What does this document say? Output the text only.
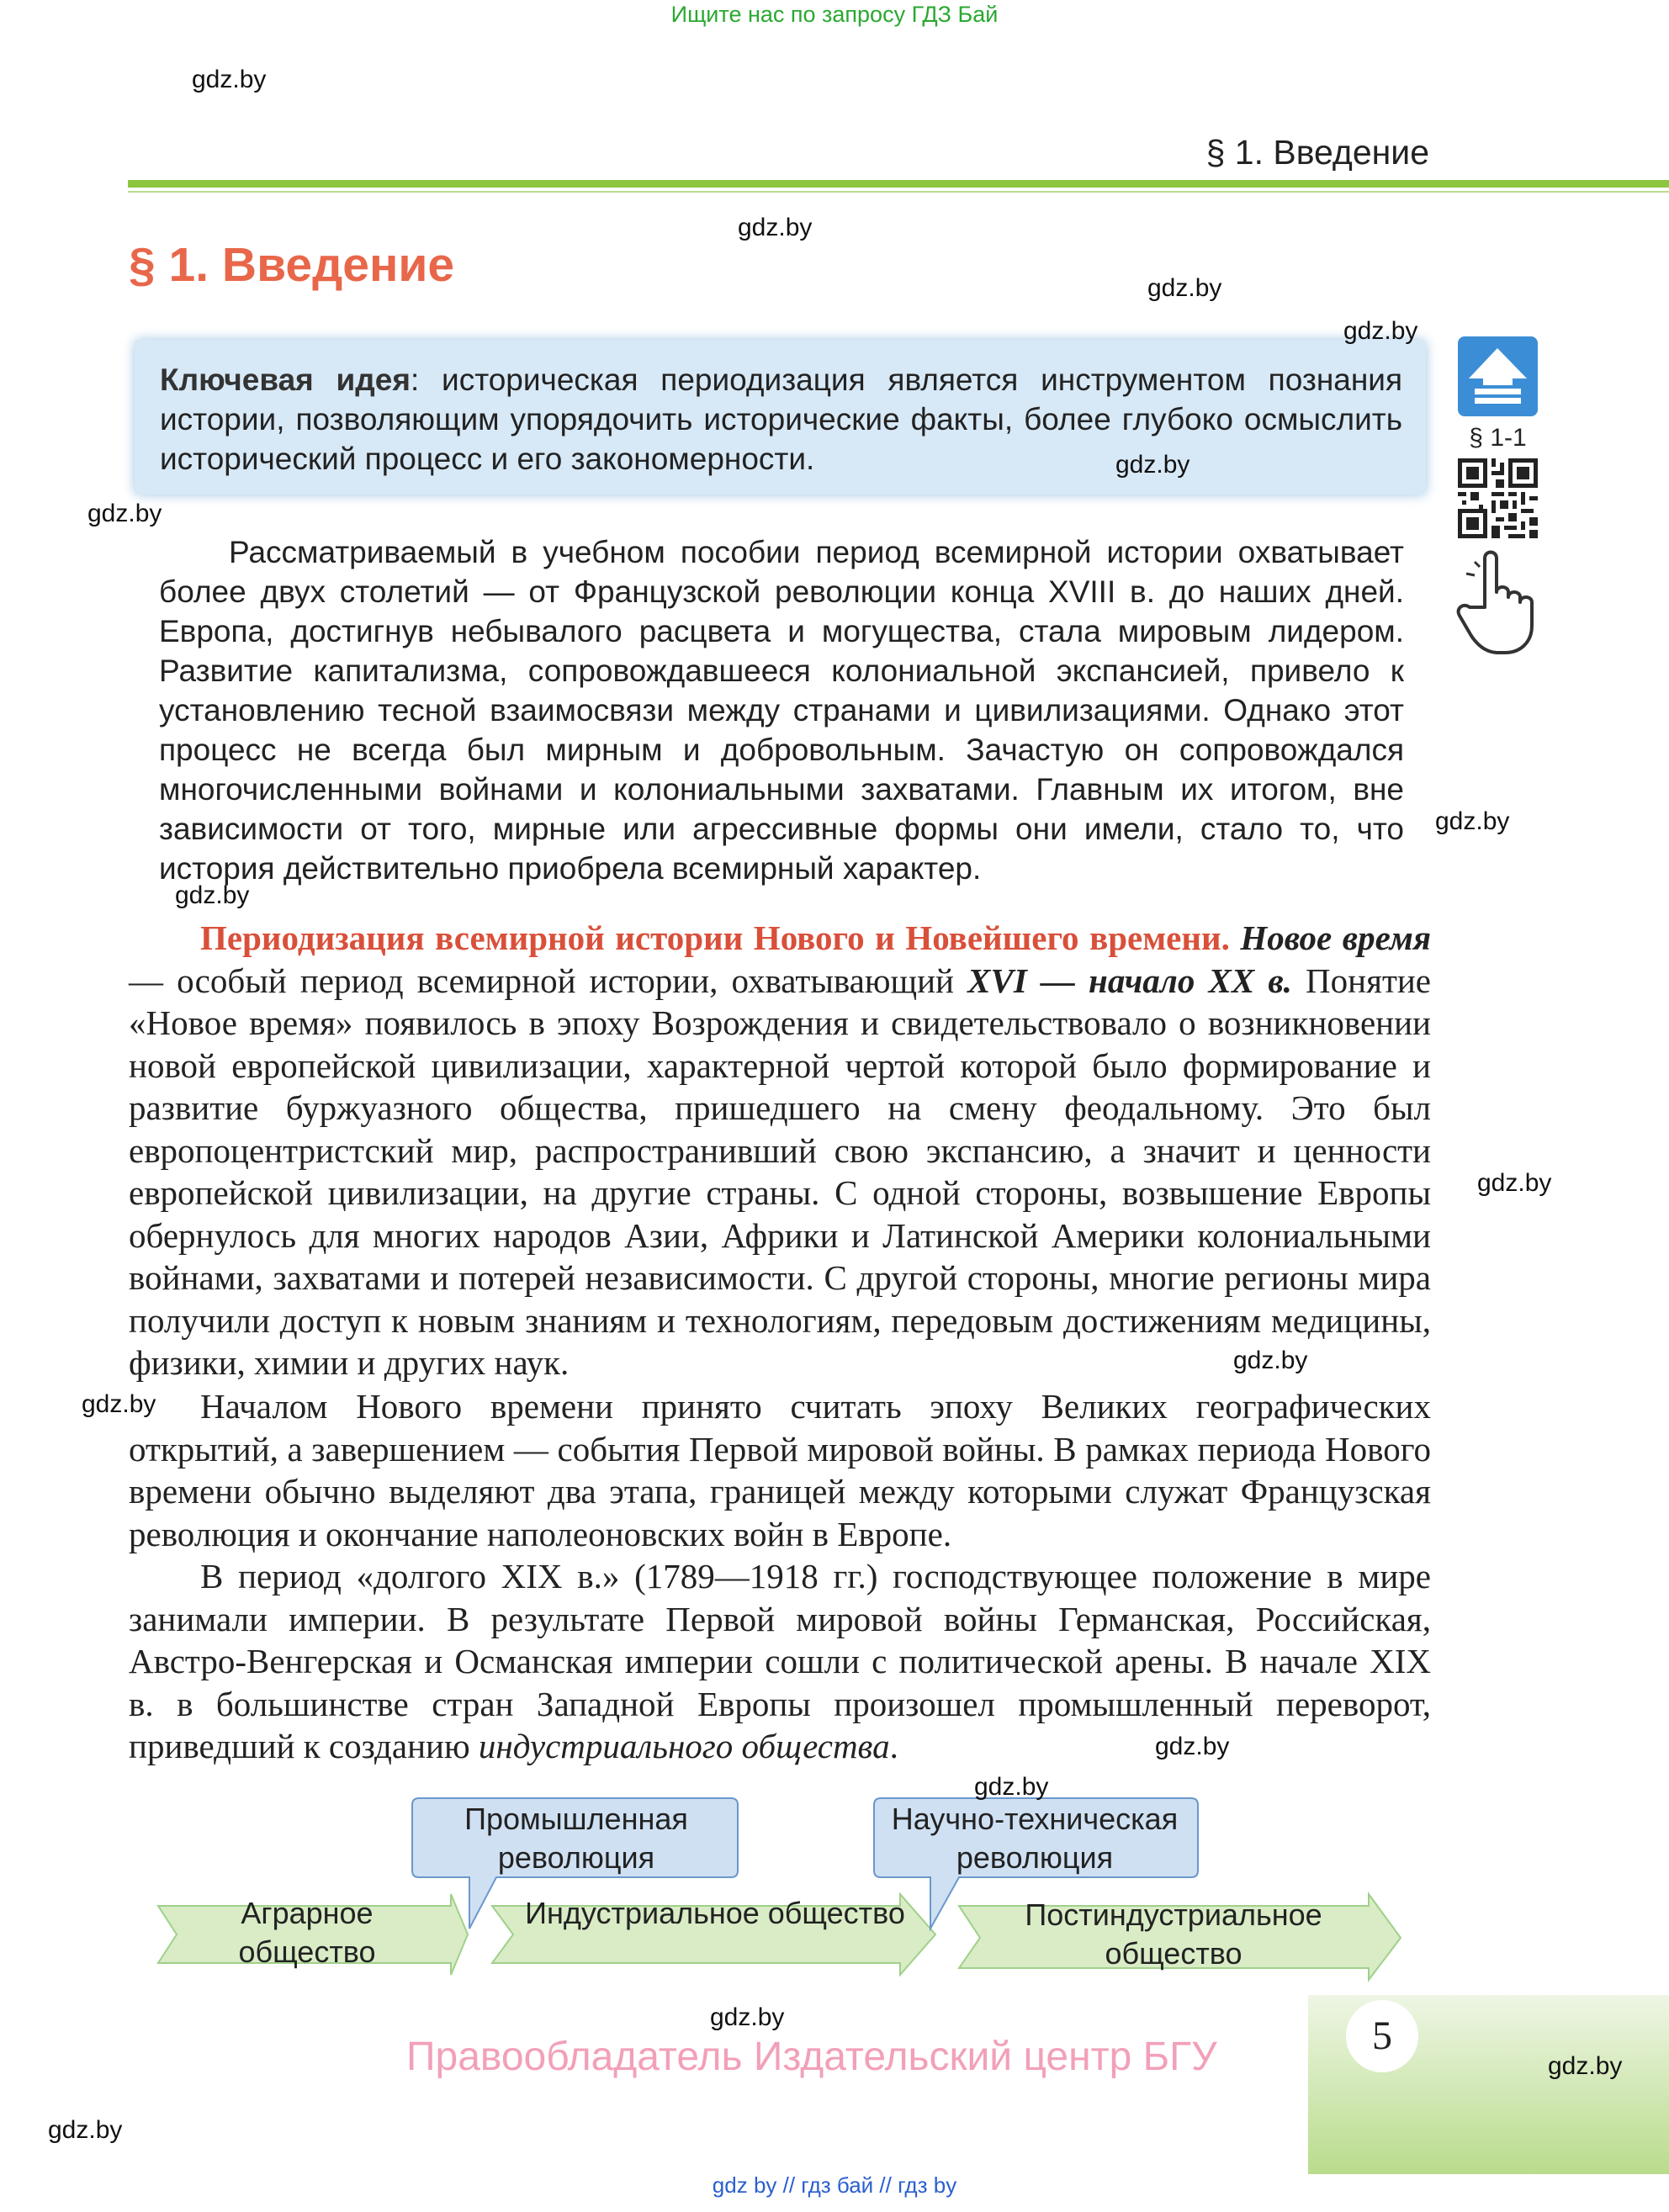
Ищите нас по запросу ГДЗ Бай
§ 1. Введение
§ 1. Введение
Ключевая идея: историческая периодизация является инструментом познания истории, позволяющим упорядочить исторические факты, более глубоко осмыслить исторический процесс и его закономерности.
§ 1-1
Рассматриваемый в учебном пособии период всемирной истории охватывает более двух столетий — от Французской революции конца XVIII в. до наших дней. Европа, достигнув небывалого расцвета и могущества, стала мировым лидером. Развитие капитализма, сопровождавшееся колониальной экспансией, привело к установлению тесной взаимосвязи между странами и цивилизациями. Однако этот процесс не всегда был мирным и добровольным. Зачастую он сопровождался многочисленными войнами и колониальными захватами. Главным их итогом, вне зависимости от того, мирные или агрессивные формы они имели, стало то, что история действительно приобрела всемирный характер.
Периодизация всемирной истории Нового и Новейшего времени. Новое время — особый период всемирной истории, охватывающий XVI — начало XX в. Понятие «Новое время» появилось в эпоху Возрождения и свидетельствовало о возникновении новой европейской цивилизации, характерной чертой которой было формирование и развитие буржуазного общества, пришедшего на смену феодальному. Это был европоцентристский мир, распространивший свою экспансию, а значит и ценности европейской цивилизации, на другие страны. С одной стороны, возвышение Европы обернулось для многих народов Азии, Африки и Латинской Америки колониальными войнами, захватами и потерей независимости. С другой стороны, многие регионы мира получили доступ к новым знаниям и технологиям, передовым достижениям медицины, физики, химии и других наук.
Началом Нового времени принято считать эпоху Великих географических открытий, а завершением — события Первой мировой войны. В рамках периода Нового времени обычно выделяют два этапа, границей между которыми служат Французская революция и окончание наполеоновских войн в Европе.
В период «долгого XIX в.» (1789—1918 гг.) господствующее положение в мире занимали империи. В результате Первой мировой войны Германская, Российская, Австро-Венгерская и Османская империи сошли с политической арены. В начале XIX в. в большинстве стран Западной Европы произошел промышленный переворот, приведший к созданию индустриального общества.
Аграрное общество
Индустриальное общество	Постиндустриальное общество
Промышленная революция
Научно-техническая революция
5
Правообладатель Издательский центр БГУ
gdz.by
gdz.by
gdz.by
gdz.by
gdz.by
gdz.by
gdz.by
gdz.by
gdz.by
gdz.by
gdz.by
gdz.by
gdz.by
gdz.by
gdz.by
gdz.by
gdz by // гдз бай // гдз by
